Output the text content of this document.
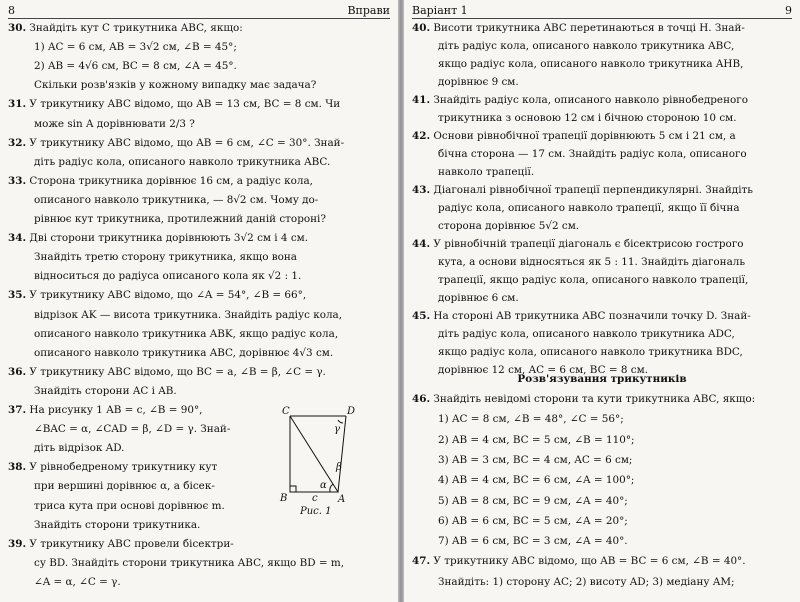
8	Вправи
30. Знайдіть кут C трикутника ABC, якщо:
1) AC = 6 см, AB = 3√2 см, ∠B = 45°;
2) AB = 4√6 см, BC = 8 см, ∠A = 45°.
Скільки розв'язків у кожному випадку має задача?
31. У трикутнику ABC відомо, що AB = 13 см, BC = 8 см. Чи
може sin A дорівнювати 2/3 ?
32. У трикутнику ABC відомо, що AB = 6 см, ∠C = 30°. Знай-
діть радіус кола, описаного навколо трикутника ABC.
33. Сторона трикутника дорівнює 16 см, а радіус кола,
описаного навколо трикутника, — 8√2 см. Чому до-
рівнює кут трикутника, протилежний даній стороні?
34. Дві сторони трикутника дорівнюють 3√2 см і 4 см.
Знайдіть третю сторону трикутника, якщо вона
відноситься до радіуса описаного кола як √2 : 1.
35. У трикутнику ABC відомо, що ∠A = 54°, ∠B = 66°,
відрізок AK — висота трикутника. Знайдіть радіус кола,
описаного навколо трикутника ABK, якщо радіус кола,
описаного навколо трикутника ABC, дорівнює 4√3 см.
36. У трикутнику ABC відомо, що BC = a, ∠B = β, ∠C = γ.
Знайдіть сторони AC і AB.
37. На рисунку 1 AB = c, ∠B = 90°,
∠BAC = α, ∠CAD = β, ∠D = γ. Знай-
діть відрізок AD.
38. У рівнобедреному трикутнику кут
при вершині дорівнює α, а бісек-
триса кута при основі дорівнює m.
Знайдіть сторони трикутника.
39. У трикутнику ABC провели бісектри-
су BD. Знайдіть сторони трикутника ABC, якщо BD = m,
∠A = α, ∠C = γ.
C	D
B	A
γ
β
α
c
Рис. 1
Варіант 1	9
40. Висоти трикутника ABC перетинаються в точці H. Знай-
діть радіус кола, описаного навколо трикутника ABC,
якщо радіус кола, описаного навколо трикутника AHB,
дорівнює 9 см.
41. Знайдіть радіус кола, описаного навколо рівнобедреного
трикутника з основою 12 см і бічною стороною 10 см.
42. Основи рівнобічної трапеції дорівнюють 5 см і 21 см, а
бічна сторона — 17 см. Знайдіть радіус кола, описаного
навколо трапеції.
43. Діагоналі рівнобічної трапеції перпендикулярні. Знайдіть
радіус кола, описаного навколо трапеції, якщо її бічна
сторона дорівнює 5√2 см.
44. У рівнобічній трапеції діагональ є бісектрисою гострого
кута, а основи відносяться як 5 : 11. Знайдіть діагональ
трапеції, якщо радіус кола, описаного навколо трапеції,
дорівнює 6 см.
45. На стороні AB трикутника ABC позначили точку D. Знай-
діть радіус кола, описаного навколо трикутника ADC,
якщо радіус кола, описаного навколо трикутника BDC,
дорівнює 12 см, AC = 6 см, BC = 8 см.
Розв'язування трикутників
46. Знайдіть невідомі сторони та кути трикутника ABC, якщо:
1) AC = 8 см, ∠B = 48°, ∠C = 56°;
2) AB = 4 см, BC = 5 см, ∠B = 110°;
3) AB = 3 см, BC = 4 см, AC = 6 см;
4) AB = 4 см, BC = 6 см, ∠A = 100°;
5) AB = 8 см, BC = 9 см, ∠A = 40°;
6) AB = 6 см, BC = 5 см, ∠A = 20°;
7) AB = 6 см, BC = 3 см, ∠A = 40°.
47. У трикутнику ABC відомо, що AB = BC = 6 см, ∠B = 40°.
Знайдіть: 1) сторону AC; 2) висоту AD; 3) медіану AM;
